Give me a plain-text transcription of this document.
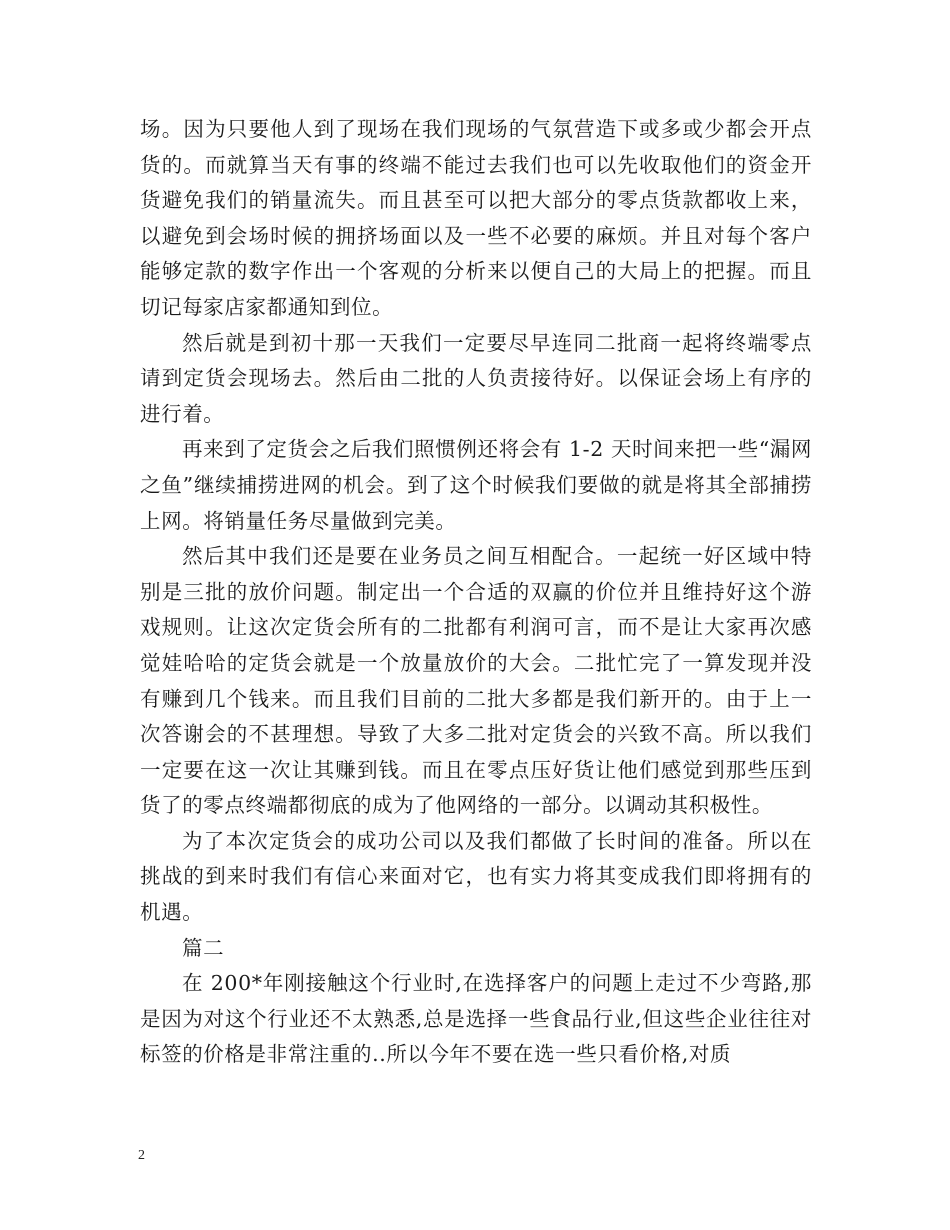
场。因为只要他人到了现场在我们现场的气氛营造下或多或少都会开点货的。而就算当天有事的终端不能过去我们也可以先收取他们的资金开货避免我们的销量流失。而且甚至可以把大部分的零点货款都收上来，以避免到会场时候的拥挤场面以及一些不必要的麻烦。并且对每个客户能够定款的数字作出一个客观的分析来以便自己的大局上的把握。而且切记每家店家都通知到位。

然后就是到初十那一天我们一定要尽早连同二批商一起将终端零点请到定货会现场去。然后由二批的人负责接待好。以保证会场上有序的进行着。

再来到了定货会之后我们照惯例还将会有 1-2 天时间来把一些“漏网之鱼”继续捕捞进网的机会。到了这个时候我们要做的就是将其全部捕捞上网。将销量任务尽量做到完美。

然后其中我们还是要在业务员之间互相配合。一起统一好区域中特别是三批的放价问题。制定出一个合适的双赢的价位并且维持好这个游戏规则。让这次定货会所有的二批都有利润可言，而不是让大家再次感觉娃哈哈的定货会就是一个放量放价的大会。二批忙完了一算发现并没有赚到几个钱来。而且我们目前的二批大多都是我们新开的。由于上一次答谢会的不甚理想。导致了大多二批对定货会的兴致不高。所以我们一定要在这一次让其赚到钱。而且在零点压好货让他们感觉到那些压到货了的零点终端都彻底的成为了他网络的一部分。以调动其积极性。

为了本次定货会的成功公司以及我们都做了长时间的准备。所以在挑战的到来时我们有信心来面对它，也有实力将其变成我们即将拥有的机遇。

篇二

在 200*年刚接触这个行业时,在选择客户的问题上走过不少弯路,那是因为对这个行业还不太熟悉,总是选择一些食品行业,但这些企业往往对标签的价格是非常注重的..所以今年不要在选一些只看价格,对质

2
